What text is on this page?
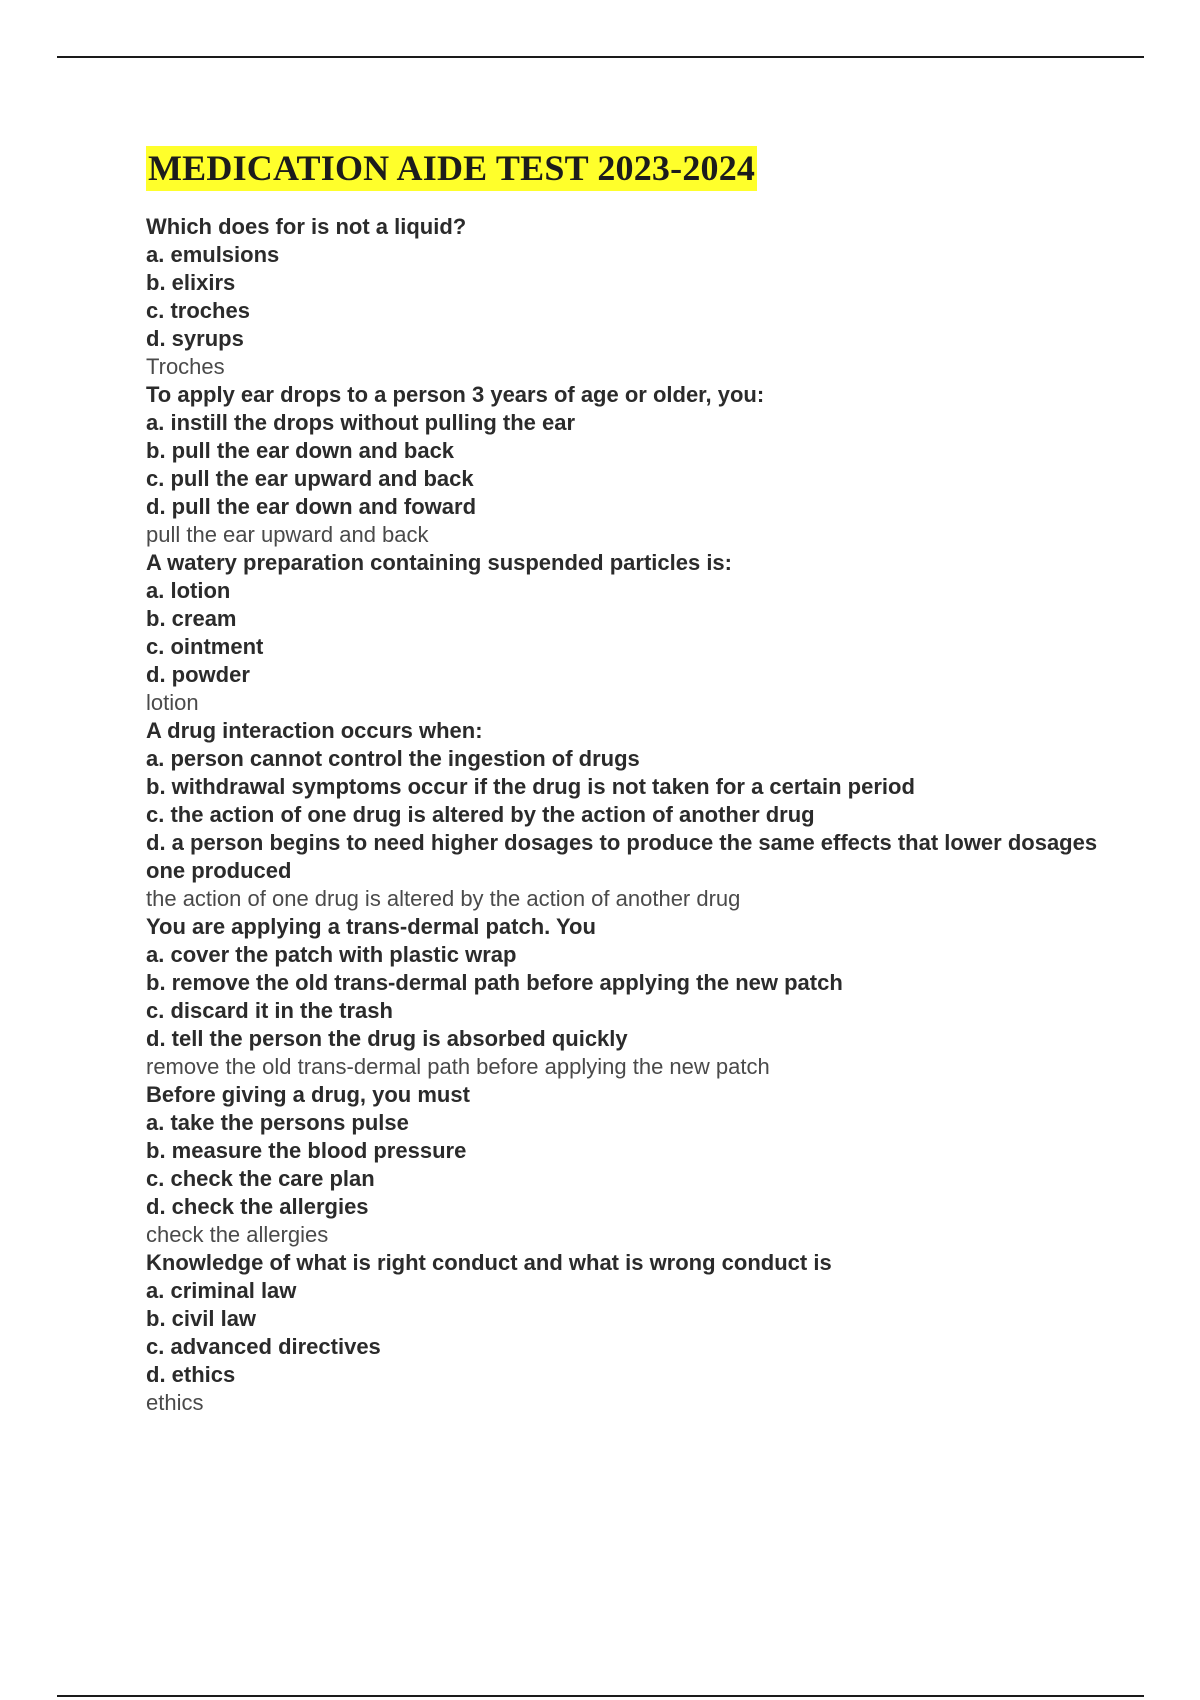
MEDICATION AIDE TEST 2023-2024

Which does for is not a liquid?

a. emulsions

b. elixirs

c. troches

d. syrups

Troches

To apply ear drops to a person 3 years of age or older, you:

a. instill the drops without pulling the ear

b. pull the ear down and back

c. pull the ear upward and back

d. pull the ear down and foward

pull the ear upward and back

A watery preparation containing suspended particles is:

a. lotion

b. cream

c. ointment

d. powder

lotion

A drug interaction occurs when:

a. person cannot control the ingestion of drugs

b. withdrawal symptoms occur if the drug is not taken for a certain period

c. the action of one drug is altered by the action of another drug

d. a person begins to need higher dosages to produce the same effects that lower dosages one produced

the action of one drug is altered by the action of another drug

You are applying a trans-dermal patch. You

a. cover the patch with plastic wrap

b. remove the old trans-dermal path before applying the new patch

c. discard it in the trash

d. tell the person the drug is absorbed quickly

remove the old trans-dermal path before applying the new patch

Before giving a drug, you must

a. take the persons pulse

b. measure the blood pressure

c. check the care plan

d. check the allergies

check the allergies

Knowledge of what is right conduct and what is wrong conduct is

a. criminal law

b. civil law

c. advanced directives

d. ethics

ethics
